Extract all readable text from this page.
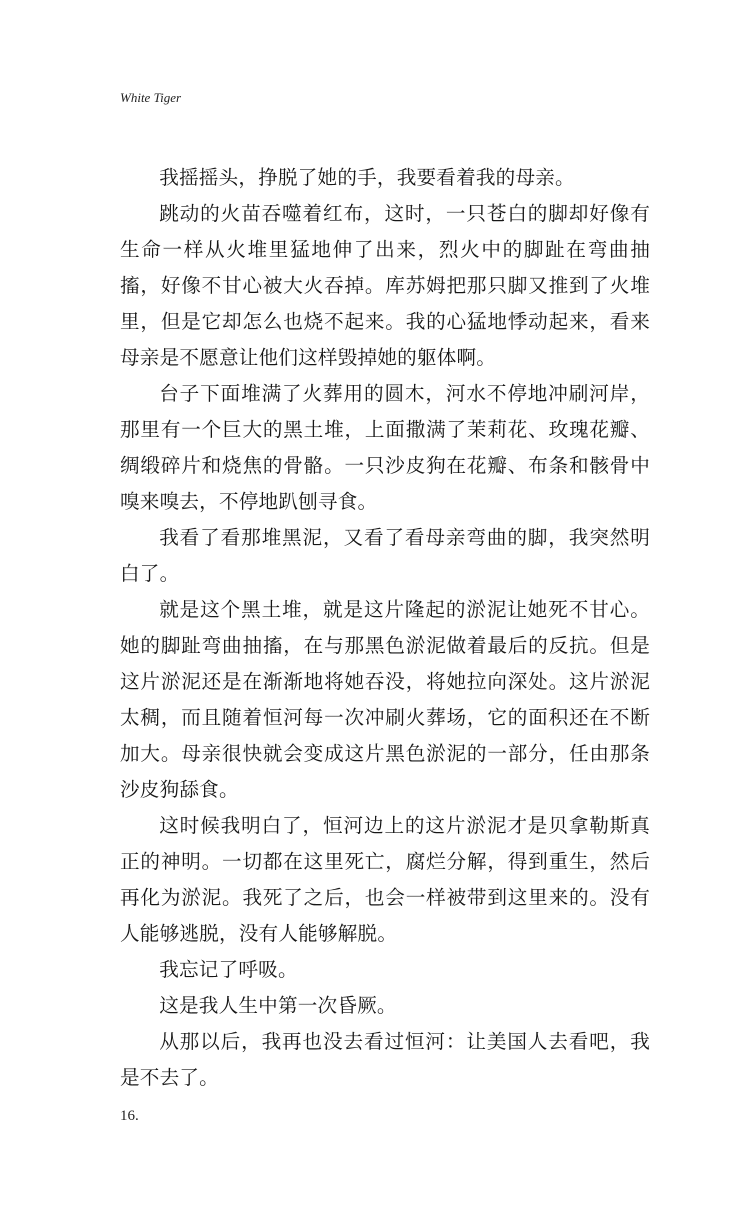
White Tiger

我摇摇头，挣脱了她的手，我要看着我的母亲。

跳动的火苗吞噬着红布，这时，一只苍白的脚却好像有生命一样从火堆里猛地伸了出来，烈火中的脚趾在弯曲抽搐，好像不甘心被大火吞掉。库苏姆把那只脚又推到了火堆里，但是它却怎么也烧不起来。我的心猛地悸动起来，看来母亲是不愿意让他们这样毁掉她的躯体啊。

台子下面堆满了火葬用的圆木，河水不停地冲刷河岸，那里有一个巨大的黑土堆，上面撒满了茉莉花、玫瑰花瓣、绸缎碎片和烧焦的骨骼。一只沙皮狗在花瓣、布条和骸骨中嗅来嗅去，不停地趴刨寻食。

我看了看那堆黑泥，又看了看母亲弯曲的脚，我突然明白了。

就是这个黑土堆，就是这片隆起的淤泥让她死不甘心。她的脚趾弯曲抽搐，在与那黑色淤泥做着最后的反抗。但是这片淤泥还是在渐渐地将她吞没，将她拉向深处。这片淤泥太稠，而且随着恒河每一次冲刷火葬场，它的面积还在不断加大。母亲很快就会变成这片黑色淤泥的一部分，任由那条沙皮狗舔食。

这时候我明白了，恒河边上的这片淤泥才是贝拿勒斯真正的神明。一切都在这里死亡，腐烂分解，得到重生，然后再化为淤泥。我死了之后，也会一样被带到这里来的。没有人能够逃脱，没有人能够解脱。

我忘记了呼吸。

这是我人生中第一次昏厥。

从那以后，我再也没去看过恒河：让美国人去看吧，我是不去了。

16.
